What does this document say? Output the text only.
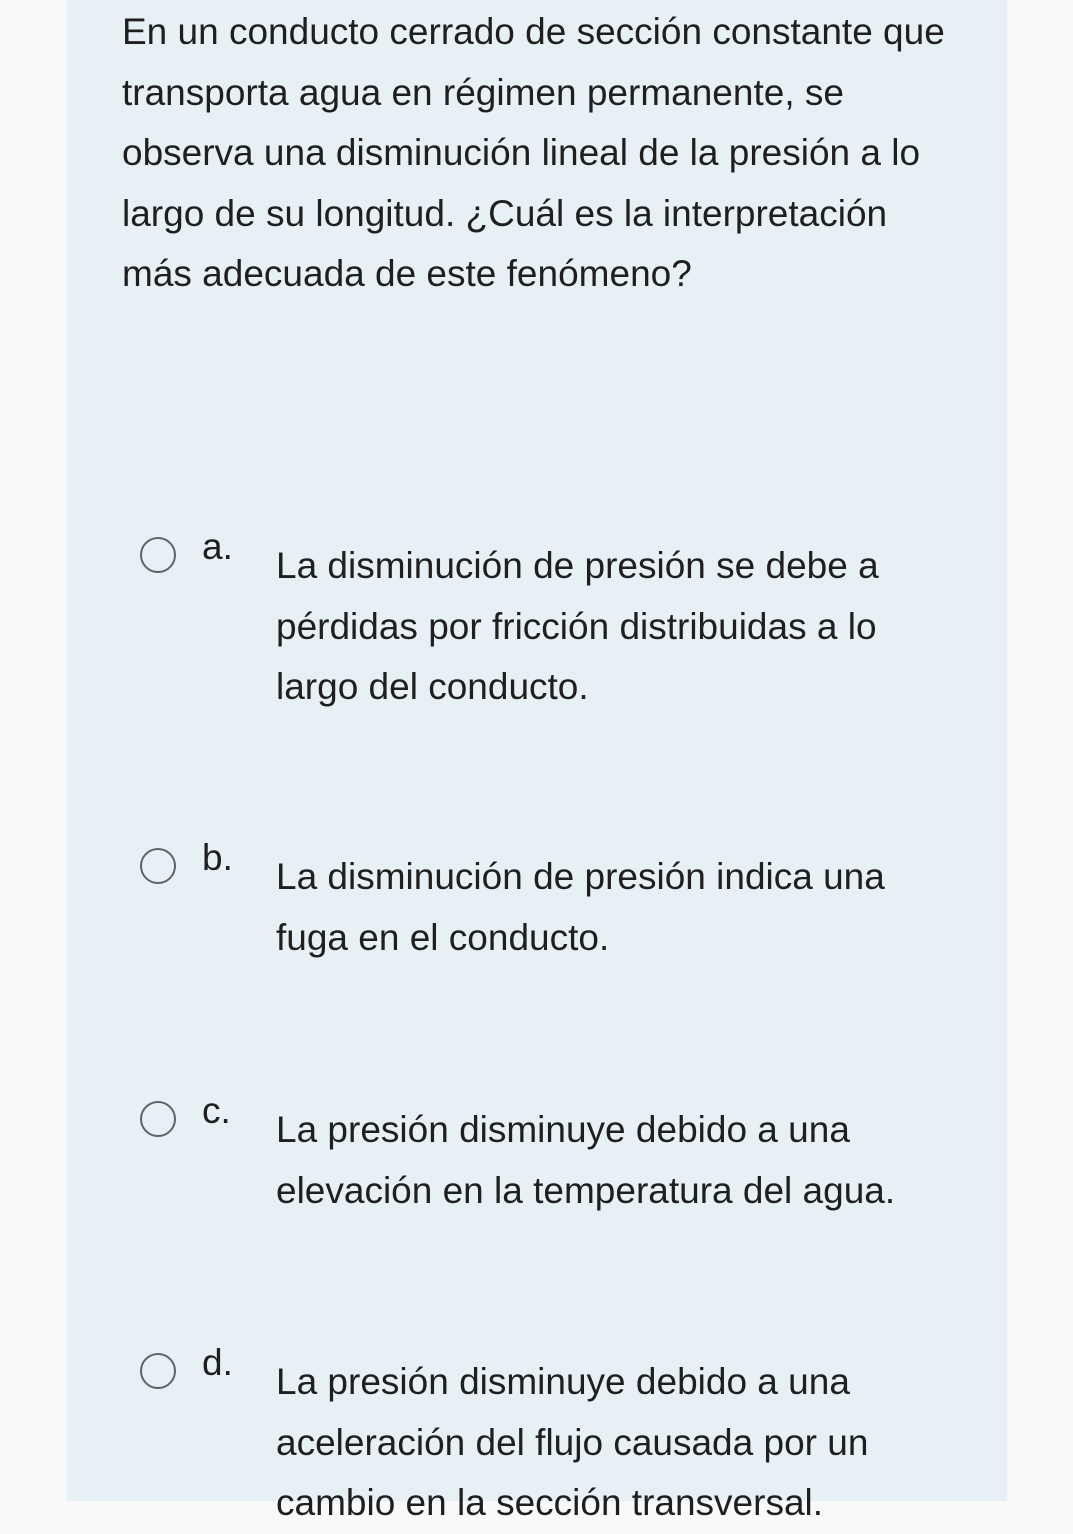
En un conducto cerrado de sección constante que transporta agua en régimen permanente, se observa una disminución lineal de la presión a lo largo de su longitud. ¿Cuál es la interpretación más adecuada de este fenómeno?

a. La disminución de presión se debe a pérdidas por fricción distribuidas a lo largo del conducto.
b. La disminución de presión indica una fuga en el conducto.
c. La presión disminuye debido a una elevación en la temperatura del agua.
d. La presión disminuye debido a una aceleración del flujo causada por un cambio en la sección transversal.
